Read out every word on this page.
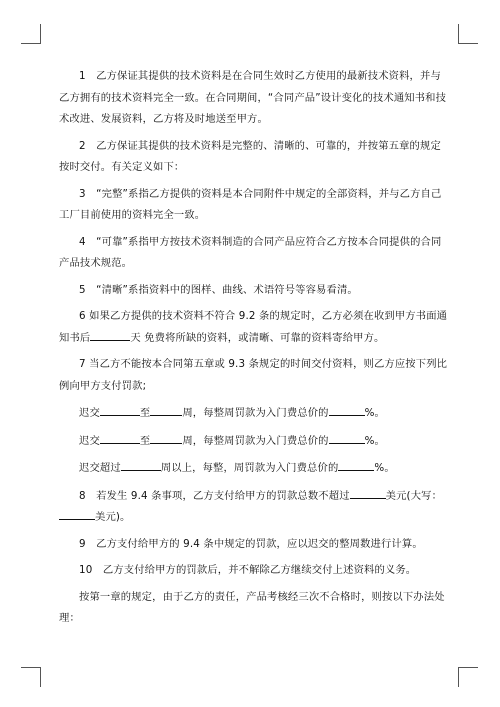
1　乙方保证其提供的技术资料是在合同生效时乙方使用的最新技术资料，并与

乙方拥有的技术资料完全一致。在合同期间，“合同产品”设计变化的技术通知书和技

术改进、发展资料，乙方将及时地送至甲方。

2　乙方保证其提供的技术资料是完整的、清晰的、可靠的，并按第五章的规定

按时交付。有关定义如下：

3　“完整”系指乙方提供的资料是本合同附件中规定的全部资料，并与乙方自己

工厂目前使用的资料完全一致。

4　“可靠”系指甲方按技术资料制造的合同产品应符合乙方按本合同提供的合同

产品技术规范。

5　“清晰”系指资料中的图样、曲线、术语符号等容易看清。

6 如果乙方提供的技术资料不符合 9.2 条的规定时，乙方必须在收到甲方书面通

知书后	天 免费将所缺的资料，或清晰、可靠的资料寄给甲方。

7 当乙方不能按本合同第五章或 9.3 条规定的时间交付资料，则乙方应按下列比

例向甲方支付罚款;

迟交	至	周，每整周罚款为入门费总价的	%。

迟交	至	周，每整周罚款为入门费总价的	%。

迟交超过	周以上，每整，周罚款为入门费总价的	%。

8　若发生 9.4 条事项，乙方支付给甲方的罚款总数不超过	美元(大写：

美元)。

9　乙方支付给甲方的 9.4 条中规定的罚款，应以迟交的整周数进行计算。

10　乙方支付给甲方的罚款后，并不解除乙方继续交付上述资料的义务。

按第一章的规定，由于乙方的责任，产品考核经三次不合格时，则按以下办法处

理：
